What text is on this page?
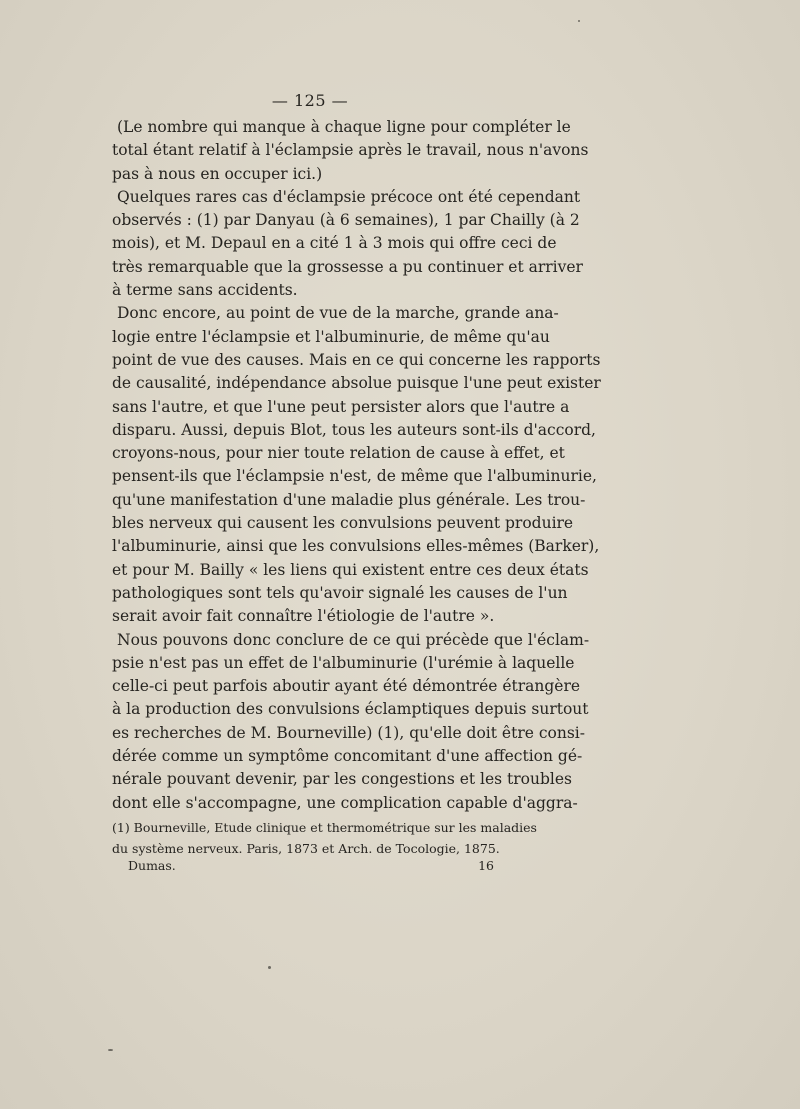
— 125 —

(Le nombre qui manque à chaque ligne pour compléter le
total étant relatif à l'éclampsie après le travail, nous n'avons
pas à nous en occuper ici.)

Quelques rares cas d'éclampsie précoce ont été cependant
observés : (1) par Danyau (à 6 semaines), 1 par Chailly (à 2
mois), et M. Depaul en a cité 1 à 3 mois qui offre ceci de
très remarquable que la grossesse a pu continuer et arriver
à terme sans accidents.

Donc encore, au point de vue de la marche, grande ana-
logie entre l'éclampsie et l'albuminurie, de même qu'au
point de vue des causes. Mais en ce qui concerne les rapports
de causalité, indépendance absolue puisque l'une peut exister
sans l'autre, et que l'une peut persister alors que l'autre a
disparu. Aussi, depuis Blot, tous les auteurs sont-ils d'accord,
croyons-nous, pour nier toute relation de cause à effet, et
pensent-ils que l'éclampsie n'est, de même que l'albuminurie,
qu'une manifestation d'une maladie plus générale. Les trou-
bles nerveux qui causent les convulsions peuvent produire
l'albuminurie, ainsi que les convulsions elles-mêmes (Barker),
et pour M. Bailly « les liens qui existent entre ces deux états
pathologiques sont tels qu'avoir signalé les causes de l'un
serait avoir fait connaître l'étiologie de l'autre ».

Nous pouvons donc conclure de ce qui précède que l'éclam-
psie n'est pas un effet de l'albuminurie (l'urémie à laquelle
celle-ci peut parfois aboutir ayant été démontrée étrangère
à la production des convulsions éclamptiques depuis surtout
es recherches de M. Bourneville) (1), qu'elle doit être consi-
dérée comme un symptôme concomitant d'une affection gé-
nérale pouvant devenir, par les congestions et les troubles
dont elle s'accompagne, une complication capable d'aggra-

(1) Bourneville, Etude clinique et thermométrique sur les maladies
du système nerveux. Paris, 1873 et Arch. de Tocologie, 1875.
Dumas.	16
